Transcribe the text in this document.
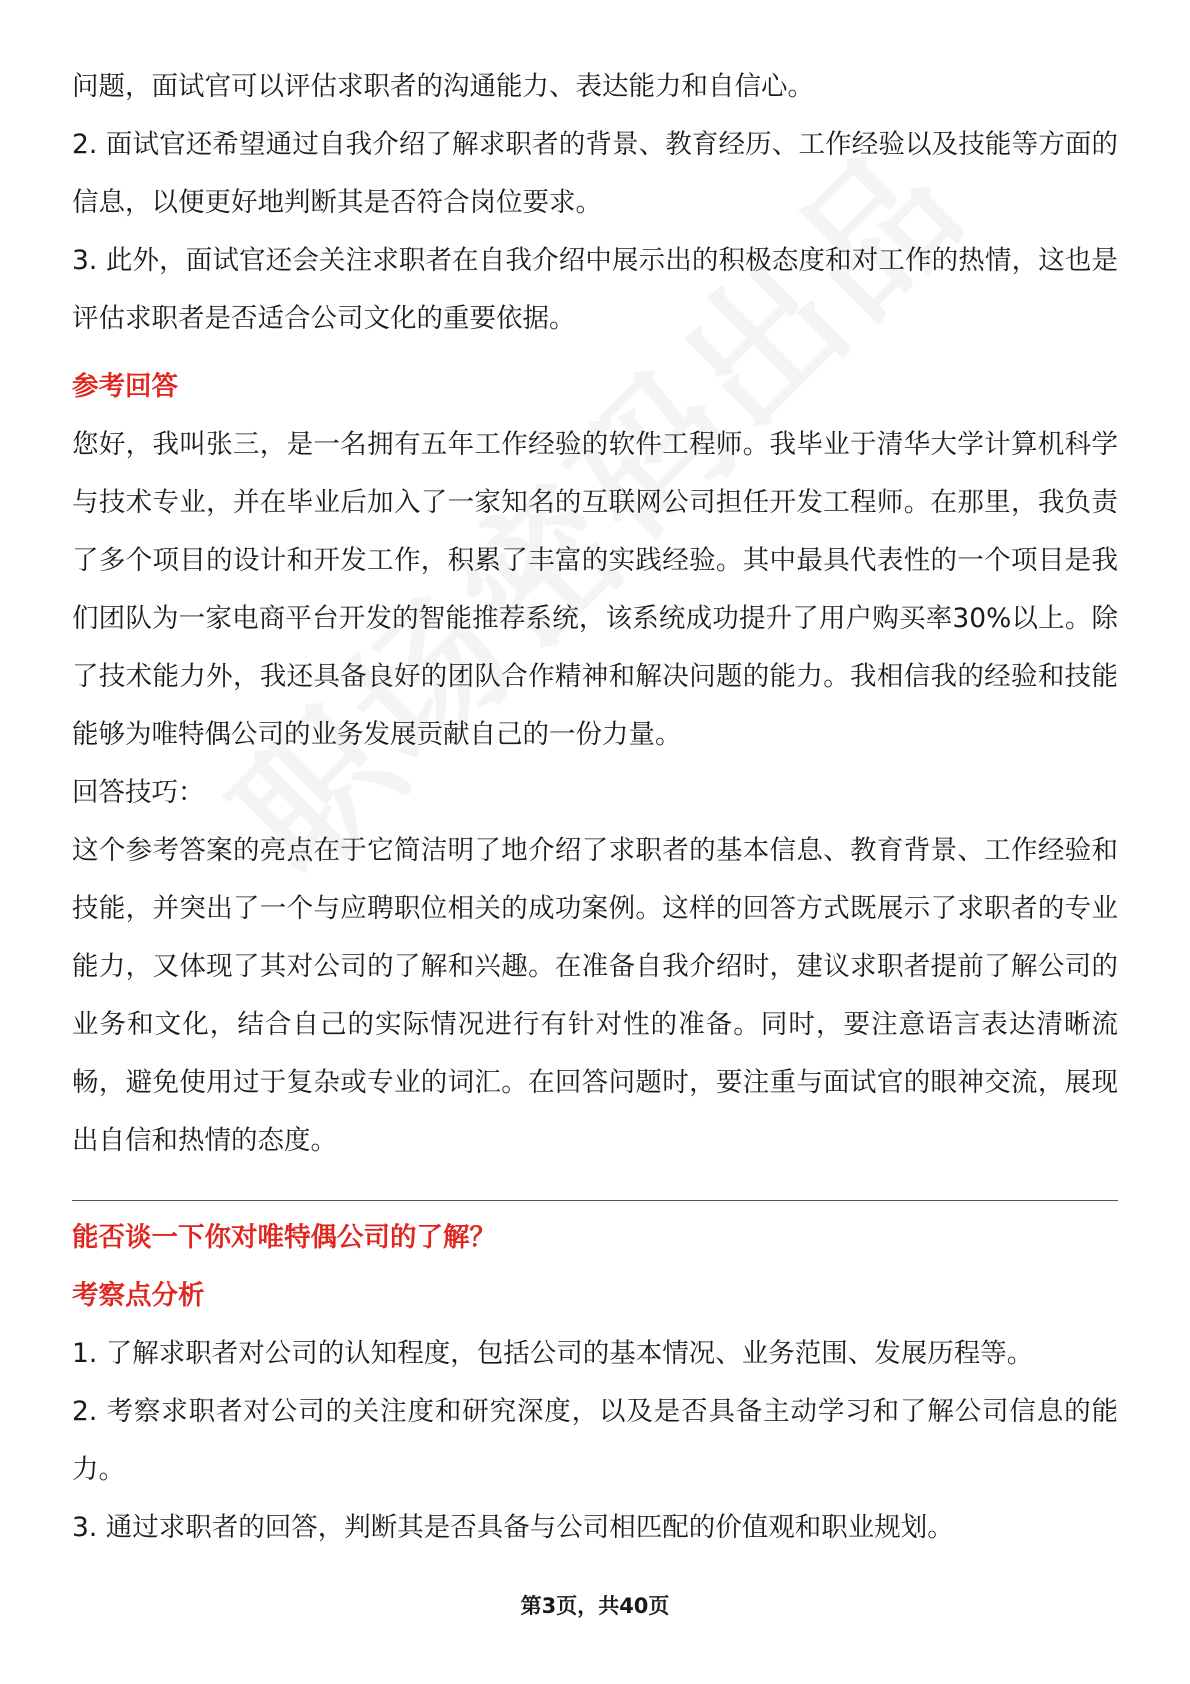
问题，面试官可以评估求职者的沟通能力、表达能力和自信心。

2. 面试官还希望通过自我介绍了解求职者的背景、教育经历、工作经验以及技能等方面的信息，以便更好地判断其是否符合岗位要求。

3. 此外，面试官还会关注求职者在自我介绍中展示出的积极态度和对工作的热情，这也是评估求职者是否适合公司文化的重要依据。

参考回答

您好，我叫张三，是一名拥有五年工作经验的软件工程师。我毕业于清华大学计算机科学与技术专业，并在毕业后加入了一家知名的互联网公司担任开发工程师。在那里，我负责了多个项目的设计和开发工作，积累了丰富的实践经验。其中最具代表性的一个项目是我们团队为一家电商平台开发的智能推荐系统，该系统成功提升了用户购买率30%以上。除了技术能力外，我还具备良好的团队合作精神和解决问题的能力。我相信我的经验和技能能够为唯特偶公司的业务发展贡献自己的一份力量。

回答技巧：

这个参考答案的亮点在于它简洁明了地介绍了求职者的基本信息、教育背景、工作经验和技能，并突出了一个与应聘职位相关的成功案例。这样的回答方式既展示了求职者的专业能力，又体现了其对公司的了解和兴趣。在准备自我介绍时，建议求职者提前了解公司的业务和文化，结合自己的实际情况进行有针对性的准备。同时，要注意语言表达清晰流畅，避免使用过于复杂或专业的词汇。在回答问题时，要注重与面试官的眼神交流，展现出自信和热情的态度。

能否谈一下你对唯特偶公司的了解？

考察点分析

1. 了解求职者对公司的认知程度，包括公司的基本情况、业务范围、发展历程等。

2. 考察求职者对公司的关注度和研究深度，以及是否具备主动学习和了解公司信息的能力。

3. 通过求职者的回答，判断其是否具备与公司相匹配的价值观和职业规划。

第3页，共40页
